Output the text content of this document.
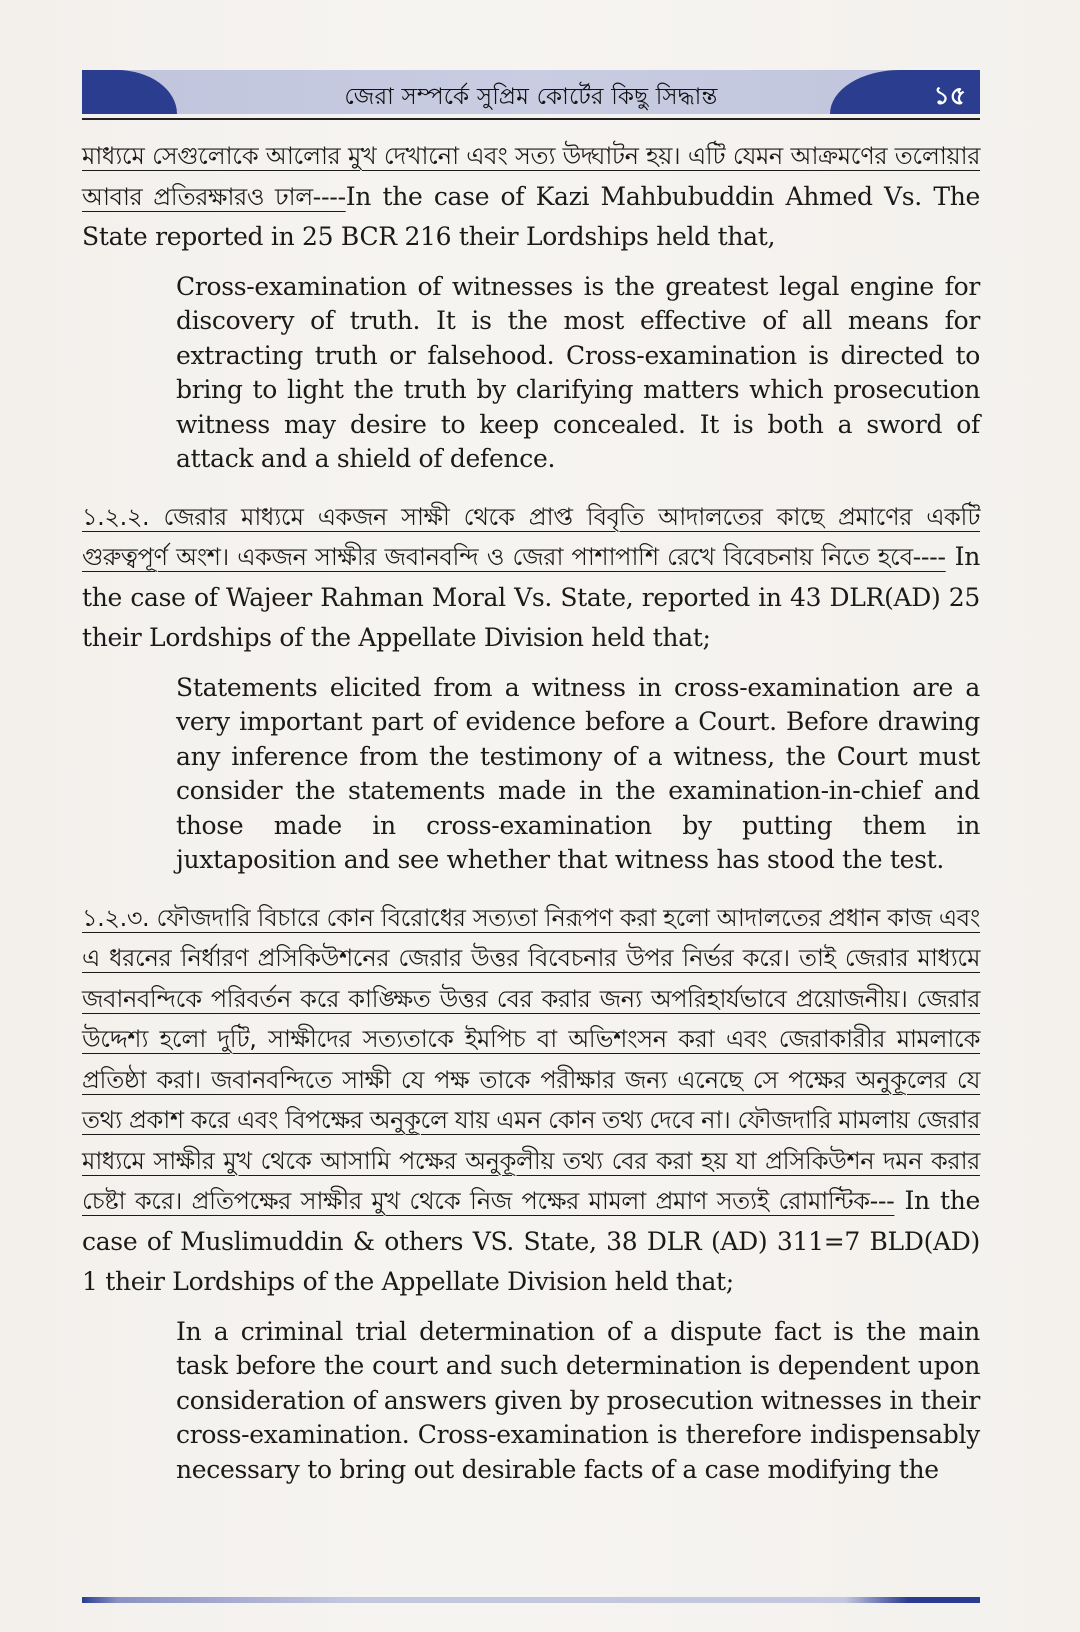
জেরা সম্পর্কে সুপ্রিম কোর্টের কিছু সিদ্ধান্ত	১৫

মাধ্যমে সেগুলোকে আলোর মুখ দেখানো এবং সত্য উদ্ঘাটন হয়। এটি যেমন আক্রমণের তলোয়ার আবার প্রতিরক্ষারও ঢাল----In the case of Kazi Mahbubuddin Ahmed Vs. The State reported in 25 BCR 216 their Lordships held that,

Cross-examination of witnesses is the greatest legal engine for discovery of truth. It is the most effective of all means for extracting truth or falsehood. Cross-examination is directed to bring to light the truth by clarifying matters which prosecution witness may desire to keep concealed. It is both a sword of attack and a shield of defence.

১.২.২. জেরার মাধ্যমে একজন সাক্ষী থেকে প্রাপ্ত বিবৃতি আদালতের কাছে প্রমাণের একটি গুরুত্বপূর্ণ অংশ। একজন সাক্ষীর জবানবন্দি ও জেরা পাশাপাশি রেখে বিবেচনায় নিতে হবে---- In the case of Wajeer Rahman Moral Vs. State, reported in 43 DLR(AD) 25 their Lordships of the Appellate Division held that;

Statements elicited from a witness in cross-examination are a very important part of evidence before a Court. Before drawing any inference from the testimony of a witness, the Court must consider the statements made in the examination-in-chief and those made in cross-examination by putting them in juxtaposition and see whether that witness has stood the test.

১.২.৩. ফৌজদারি বিচারে কোন বিরোধের সত্যতা নিরূপণ করা হলো আদালতের প্রধান কাজ এবং এ ধরনের নির্ধারণ প্রসিকিউশনের জেরার উত্তর বিবেচনার উপর নির্ভর করে। তাই জেরার মাধ্যমে জবানবন্দিকে পরিবর্তন করে কাঙ্ক্ষিত উত্তর বের করার জন্য অপরিহার্যভাবে প্রয়োজনীয়। জেরার উদ্দেশ্য হলো দুটি, সাক্ষীদের সত্যতাকে ইমপিচ বা অভিশংসন করা এবং জেরাকারীর মামলাকে প্রতিষ্ঠা করা। জবানবন্দিতে সাক্ষী যে পক্ষ তাকে পরীক্ষার জন্য এনেছে সে পক্ষের অনুকূলের যে তথ্য প্রকাশ করে এবং বিপক্ষের অনুকূলে যায় এমন কোন তথ্য দেবে না। ফৌজদারি মামলায় জেরার মাধ্যমে সাক্ষীর মুখ থেকে আসামি পক্ষের অনুকূলীয় তথ্য বের করা হয় যা প্রসিকিউশন দমন করার চেষ্টা করে। প্রতিপক্ষের সাক্ষীর মুখ থেকে নিজ পক্ষের মামলা প্রমাণ সত্যই রোমান্টিক--- In the case of Muslimuddin & others VS. State, 38 DLR (AD) 311=7 BLD(AD) 1 their Lordships of the Appellate Division held that;

In a criminal trial determination of a dispute fact is the main task before the court and such determination is dependent upon consideration of answers given by prosecution witnesses in their cross-examination. Cross-examination is therefore indispensably necessary to bring out desirable facts of a case modifying the
